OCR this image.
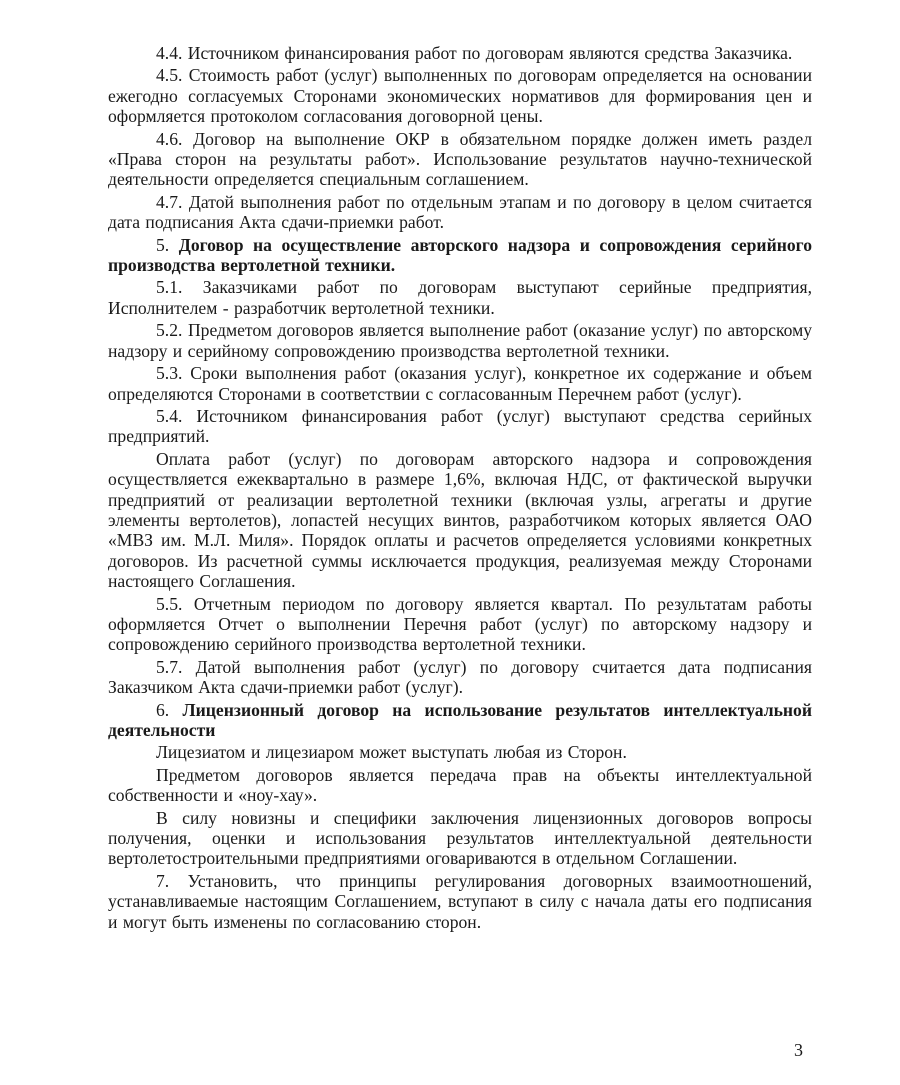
4.4. Источником финансирования работ по договорам являются средства Заказчика.

4.5. Стоимость работ (услуг) выполненных по договорам определяется на основании ежегодно согласуемых Сторонами экономических нормативов для формирования цен и оформляется протоколом согласования договорной цены.

4.6. Договор на выполнение ОКР в обязательном порядке должен иметь раздел «Права сторон на результаты работ». Использование результатов научно-технической деятельности определяется специальным соглашением.

4.7. Датой выполнения работ по отдельным этапам и по договору в целом считается дата подписания Акта сдачи-приемки работ.

5. Договор на осуществление авторского надзора и сопровождения серийного производства вертолетной техники.

5.1. Заказчиками работ по договорам выступают серийные предприятия, Исполнителем - разработчик вертолетной техники.

5.2. Предметом договоров является выполнение работ (оказание услуг) по авторскому надзору и серийному сопровождению производства вертолетной техники.

5.3. Сроки выполнения работ (оказания услуг), конкретное их содержание и объем определяются Сторонами в соответствии с согласованным Перечнем работ (услуг).

5.4. Источником финансирования работ (услуг) выступают средства серийных предприятий.

Оплата работ (услуг) по договорам авторского надзора и сопровождения осуществляется ежеквартально в размере 1,6%, включая НДС, от фактической выручки предприятий от реализации вертолетной техники (включая узлы, агрегаты и другие элементы вертолетов), лопастей несущих винтов, разработчиком которых является ОАО «МВЗ им. М.Л. Миля». Порядок оплаты и расчетов определяется условиями конкретных договоров. Из расчетной суммы исключается продукция, реализуемая между Сторонами настоящего Соглашения.

5.5. Отчетным периодом по договору является квартал. По результатам работы оформляется Отчет о выполнении Перечня работ (услуг) по авторскому надзору и сопровождению серийного производства вертолетной техники.

5.7. Датой выполнения работ (услуг) по договору считается дата подписания Заказчиком Акта сдачи-приемки работ (услуг).

6. Лицензионный договор на использование результатов интеллектуальной деятельности

Лицезиатом и лицезиаром может выступать любая из Сторон.

Предметом договоров является передача прав на объекты интеллектуальной собственности и «ноу-хау».

В силу новизны и специфики заключения лицензионных договоров вопросы получения, оценки и использования результатов интеллектуальной деятельности вертолетостроительными предприятиями оговариваются в отдельном Соглашении.

7. Установить, что принципы регулирования договорных взаимоотношений, устанавливаемые настоящим Соглашением, вступают в силу с начала даты его подписания и могут быть изменены по согласованию сторон.

3
